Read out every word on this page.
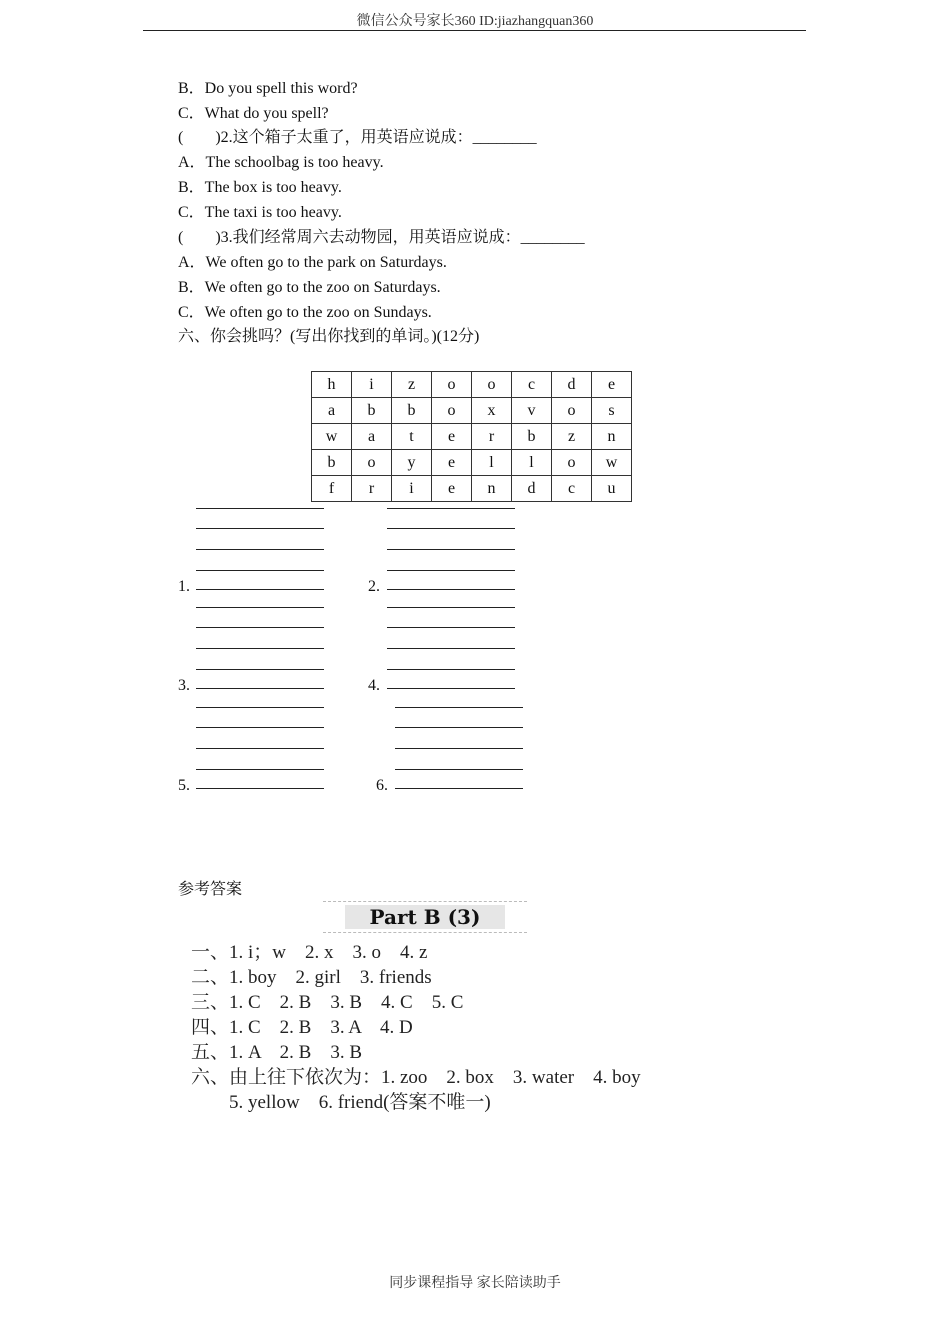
微信公众号家长360 ID:jiazhangquan360
B．Do you spell this word?
C．What do you spell?
(　　)2.这个箱子太重了，用英语应说成：________
A．The schoolbag is too heavy.
B．The box is too heavy.
C．The taxi is too heavy.
(　　)3.我们经常周六去动物园，用英语应说成：________
A．We often go to the park on Saturdays.
B．We often go to the zoo on Saturdays.
C．We often go to the zoo on Sundays.
六、你会挑吗？(写出你找到的单词。)(12分)
h	i	z	o	o	c	d	e
a	b	b	o	x	v	o	s
w	a	t	e	r	b	z	n
b	o	y	e	l	l	o	w
f	r	i	e	n	d	c	u
1.	2.
3.	4.
5.	6.
参考答案
Part B (3)
一、1. i；w　2. x　3. o　4. z
二、1. boy　2. girl　3. friends
三、1. C　2. B　3. B　4. C　5. C
四、1. C　2. B　3. A　4. D
五、1. A　2. B　3. B
六、由上往下依次为：1. zoo　2. box　3. water　4. boy
　　5. yellow　6. friend(答案不唯一)
同步课程指导 家长陪读助手
